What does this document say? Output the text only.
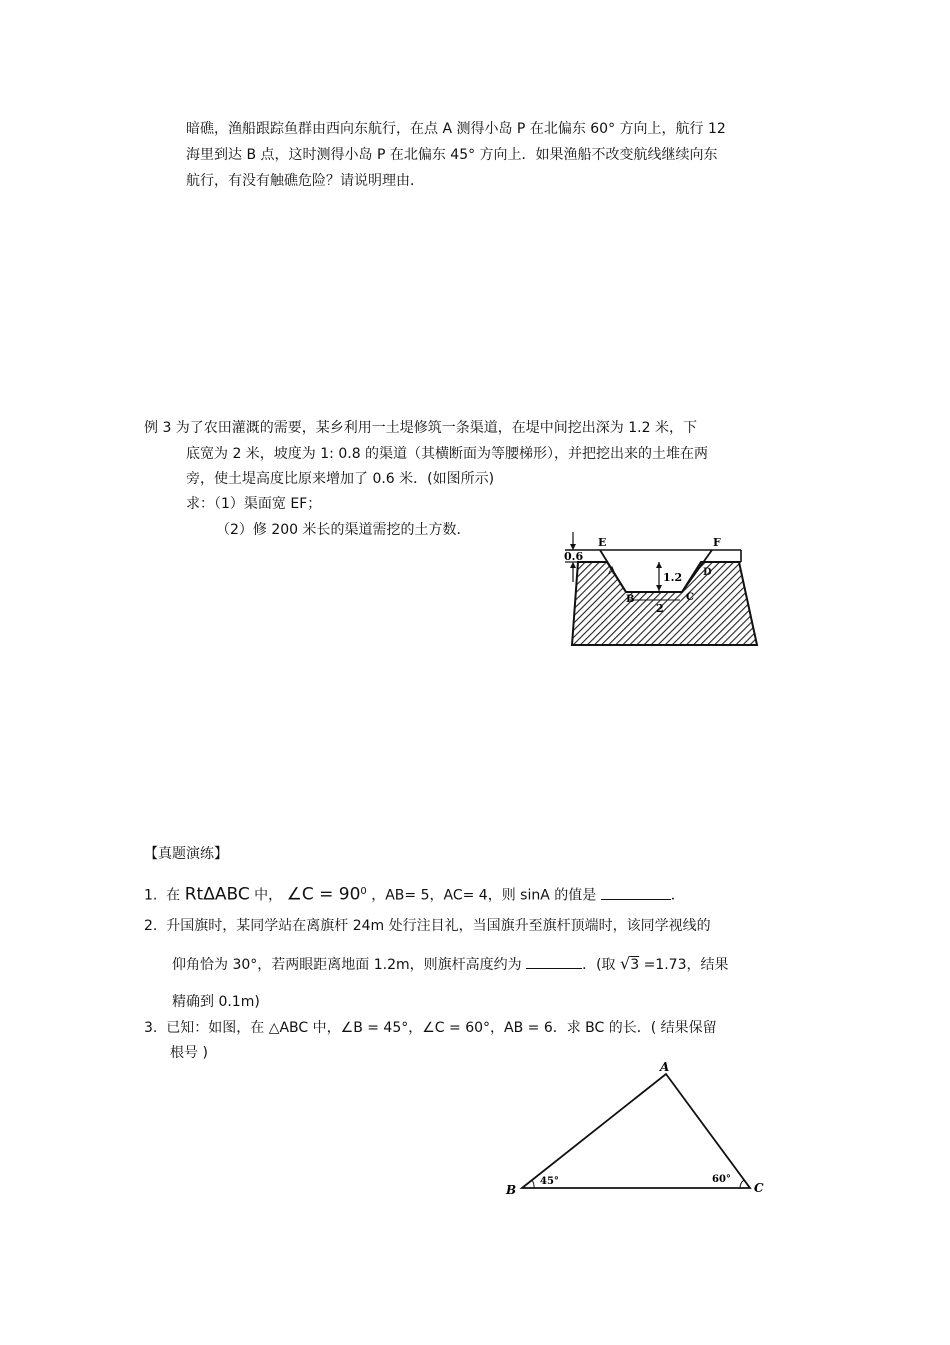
暗礁，渔船跟踪鱼群由西向东航行，在点 A 测得小岛 P 在北偏东 60° 方向上，航行 12
海里到达 B 点，这时测得小岛 P 在北偏东 45° 方向上．如果渔船不改变航线继续向东
航行，有没有触礁危险？请说明理由．
例 3 为了农田灌溉的需要，某乡利用一土堤修筑一条渠道，在堤中间挖出深为 1.2 米，下
底宽为 2 米，坡度为 1: 0.8 的渠道（其横断面为等腰梯形），并把挖出来的土堆在两
旁，使土堤高度比原来增加了 0.6 米．(如图所示)
求：（1）渠面宽 EF；
（2）修 200 米长的渠道需挖的土方数．
0.6
1.2
2
E	F
A	D
B	C
【真题演练】
1. 在 RtΔABC 中， ∠C = $90^0$ ，AB= 5，AC= 4，则 sinA 的值是	．
2. 升国旗时，某同学站在离旗杆 24m 处行注目礼，当国旗升至旗杆顶端时，该同学视线的
仰角恰为 30°，若两眼距离地面 1.2m，则旗杆高度约为	．(取 √3 =1.73，结果
精确到 0.1m)
3. 已知：如图，在 △ABC 中，∠B = 45°，∠C = 60°，AB = 6．求 BC 的长．( 结果保留
根号 )
A
B	C
45°	60°
